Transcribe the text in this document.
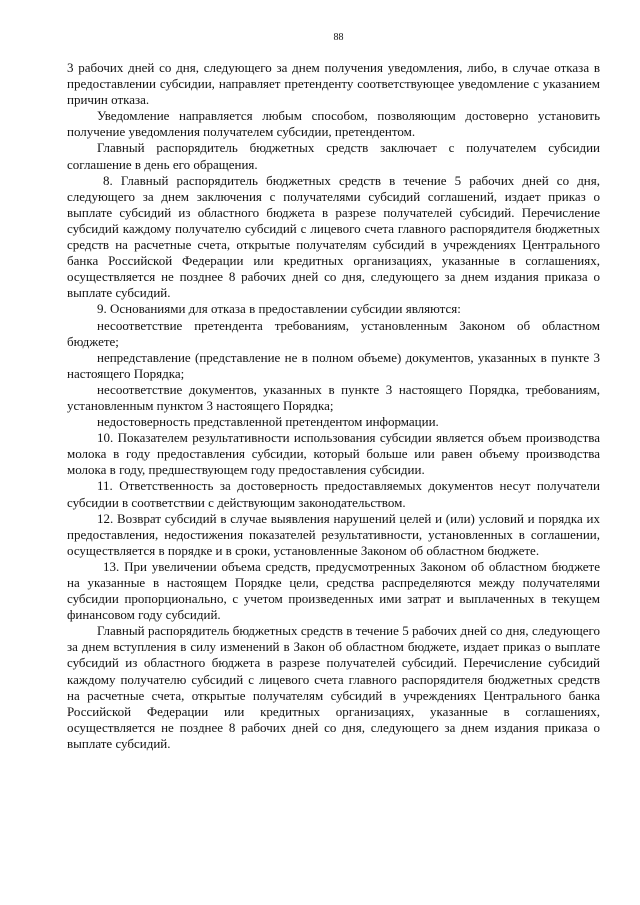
88

3 рабочих дней со дня, следующего за днем получения уведомления, либо, в случае отказа в предоставлении субсидии, направляет претенденту соответствующее уведомление с указанием причин отказа.

Уведомление направляется любым способом, позволяющим достоверно установить получение уведомления получателем субсидии, претендентом.

Главный распорядитель бюджетных средств заключает с получателем субсидии соглашение в день его обращения.

8. Главный распорядитель бюджетных средств в течение 5 рабочих дней со дня, следующего за днем заключения с получателями субсидий соглашений, издает приказ о выплате субсидий из областного бюджета в разрезе получателей субсидий. Перечисление субсидий каждому получателю субсидий с лицевого счета главного распорядителя бюджетных средств на расчетные счета, открытые получателям субсидий в учреждениях Центрального банка Российской Федерации или кредитных организациях, указанные в соглашениях, осуществляется не позднее 8 рабочих дней со дня, следующего за днем издания приказа о выплате субсидий.

9. Основаниями для отказа в предоставлении субсидии являются:

несоответствие претендента требованиям, установленным Законом об областном бюджете;

непредставление (представление не в полном объеме) документов, указанных в пункте 3 настоящего Порядка;

несоответствие документов, указанных в пункте 3 настоящего Порядка, требованиям, установленным пунктом 3 настоящего Порядка;

недостоверность представленной претендентом информации.

10. Показателем результативности использования субсидии является объем производства молока в году предоставления субсидии, который больше или равен объему производства молока в году, предшествующем году предоставления субсидии.

11. Ответственность за достоверность предоставляемых документов несут получатели субсидии в соответствии с действующим законодательством.

12. Возврат субсидий в случае выявления нарушений целей и (или) условий и порядка их предоставления, недостижения показателей результативности, установленных в соглашении, осуществляется в порядке и в сроки, установленные Законом об областном бюджете.

13. При увеличении объема средств, предусмотренных Законом об областном бюджете на указанные в настоящем Порядке цели, средства распределяются между получателями субсидии пропорционально, с учетом произведенных ими затрат и выплаченных в текущем финансовом году субсидий.

Главный распорядитель бюджетных средств в течение 5 рабочих дней со дня, следующего за днем вступления в силу изменений в Закон об областном бюджете, издает приказ о выплате субсидий из областного бюджета в разрезе получателей субсидий. Перечисление субсидий каждому получателю субсидий с лицевого счета главного распорядителя бюджетных средств на расчетные счета, открытые получателям субсидий в учреждениях Центрального банка Российской Федерации или кредитных организациях, указанные в соглашениях, осуществляется не позднее 8 рабочих дней со дня, следующего за днем издания приказа о выплате субсидий.
